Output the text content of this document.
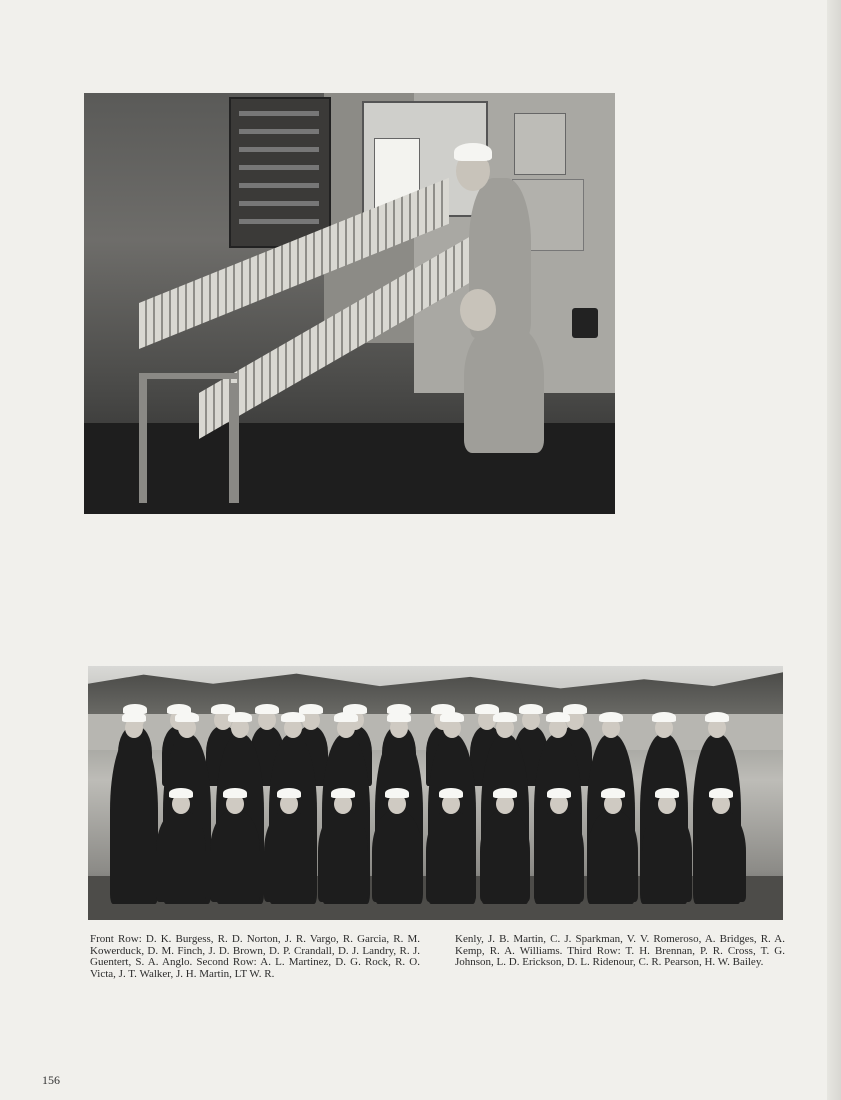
Front Row: D. K. Burgess, R. D. Norton, J. R. Vargo, R. Garcia, R. M. Kowerduck, D. M. Finch, J. D. Brown, D. P. Crandall, D. J. Landry, R. J. Guentert, S. A. Anglo. Second Row: A. L. Martinez, D. G. Rock, R. O. Victa, J. T. Walker, J. H. Martin, LT W. R.
Kenly, J. B. Martin, C. J. Sparkman, V. V. Romeroso, A. Bridges, R. A. Kemp, R. A. Williams. Third Row: T. H. Brennan, P. R. Cross, T. G. Johnson, L. D. Erickson, D. L. Ridenour, C. R. Pearson, H. W. Bailey.
156
